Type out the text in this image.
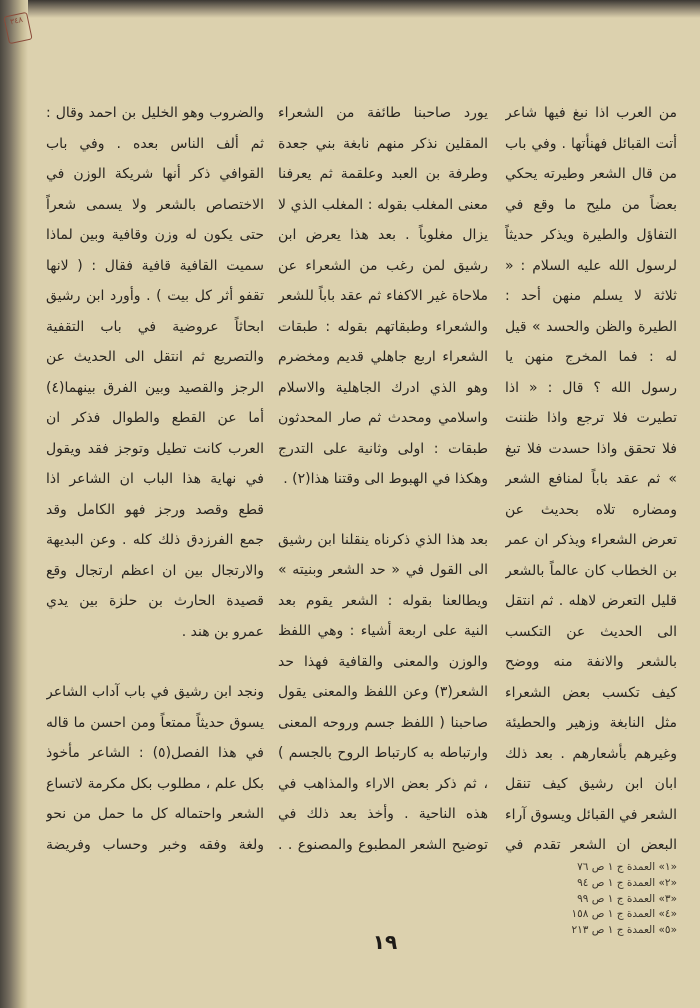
٣٤٨

من العرب اذا نبغ فيها شاعر أتت القبائل فهنأتها . وفي باب من قال الشعر وطيرته يحكي بعضاً من مليح ما وقع في التفاؤل والطيرة ويذكر حديثاً لرسول الله عليه السلام : « ثلاثة لا يسلم منهن أحد : الطيرة والظن والحسد » قيل له : فما المخرج منهن يا رسول الله ؟ قال : « اذا تطيرت فلا ترجع واذا ظننت فلا تحقق واذا حسدت فلا تبغ » ثم عقد باباً لمنافع الشعر ومضاره تلاه بحديث عن تعرض الشعراء ويذكر ان عمر بن الخطاب كان عالماً بالشعر قليل التعرض لاهله . ثم انتقل الى الحديث عن التكسب بالشعر والانفة منه ووضح كيف تكسب بعض الشعراء مثل النابغة وزهير والحطيئة وغيرهم بأشعارهم . بعد ذلك ابان ابن رشيق كيف تنقل الشعر في القبائل ويسوق آراء البعض ان الشعر تقدم في

يورد صاحبنا طائفة من الشعراء المقلين نذكر منهم نابغة بني جعدة وطرفة بن العبد وعلقمة ثم يعرفنا معنى المغلب بقوله : المغلب الذي لا يزال مغلوباً . بعد هذا يعرض ابن رشيق لمن رغب من الشعراء عن ملاحاة غير الاكفاء ثم عقد باباً للشعر والشعراء وطبقاتهم بقوله : طبقات الشعراء اربع جاهلي قديم ومخضرم وهو الذي ادرك الجاهلية والاسلام واسلامي ومحدث ثم صار المحدثون طبقات : اولى وثانية على التدرج وهكذا في الهبوط الى وقتنا هذا(٢) .

بعد هذا الذي ذكرناه ينقلنا ابن رشيق الى القول في « حد الشعر وبنيته » ويطالعنا بقوله : الشعر يقوم بعد النية على اربعة أشياء : وهي اللفظ والوزن والمعنى والقافية فهذا حد الشعر(٣) وعن اللفظ والمعنى يقول صاحبنا ( اللفظ جسم وروحه المعنى وارتباطه به كارتباط الروح بالجسم ) ، ثم ذكر بعض الاراء والمذاهب في هذه الناحية . وأخذ بعد ذلك في توضيح الشعر المطبوع والمصنوع . .

والضروب وهو الخليل بن احمد وقال : ثم ألف الناس بعده . وفي باب القوافي ذكر أنها شريكة الوزن في الاختصاص بالشعر ولا يسمى شعراً حتى يكون له وزن وقافية وبين لماذا سميت القافية قافية فقال : ( لانها تقفو أثر كل بيت ) . وأورد ابن رشيق ابحاثاً عروضية في باب التقفية والتصريع ثم انتقل الى الحديث عن الرجز والقصيد وبين الفرق بينهما(٤) أما عن القطع والطوال فذكر ان العرب كانت تطيل وتوجز فقد ويقول في نهاية هذا الباب ان الشاعر اذا قطع وقصد ورجز فهو الكامل وقد جمع الفرزدق ذلك كله . وعن البديهة والارتجال بين ان اعظم ارتجال وقع قصيدة الحارث بن حلزة بين يدي عمرو بن هند .

ونجد ابن رشيق في باب آداب الشاعر يسوق حديثاً ممتعاً ومن احسن ما قاله في هذا الفصل(٥) : الشاعر مأخوذ بكل علم ، مطلوب بكل مكرمة لاتساع الشعر واحتماله كل ما حمل من نحو ولغة وفقه وخبر وحساب وفريضة

«١» العمدة ج ١ ص ٧٦
«٢» العمدة ج ١ ص ٩٤
«٣» العمدة ج ١ ص ٩٩
«٤» العمدة ج ١ ص ١٥٨
«٥» العمدة ج ١ ص ٢١٣
١٩
